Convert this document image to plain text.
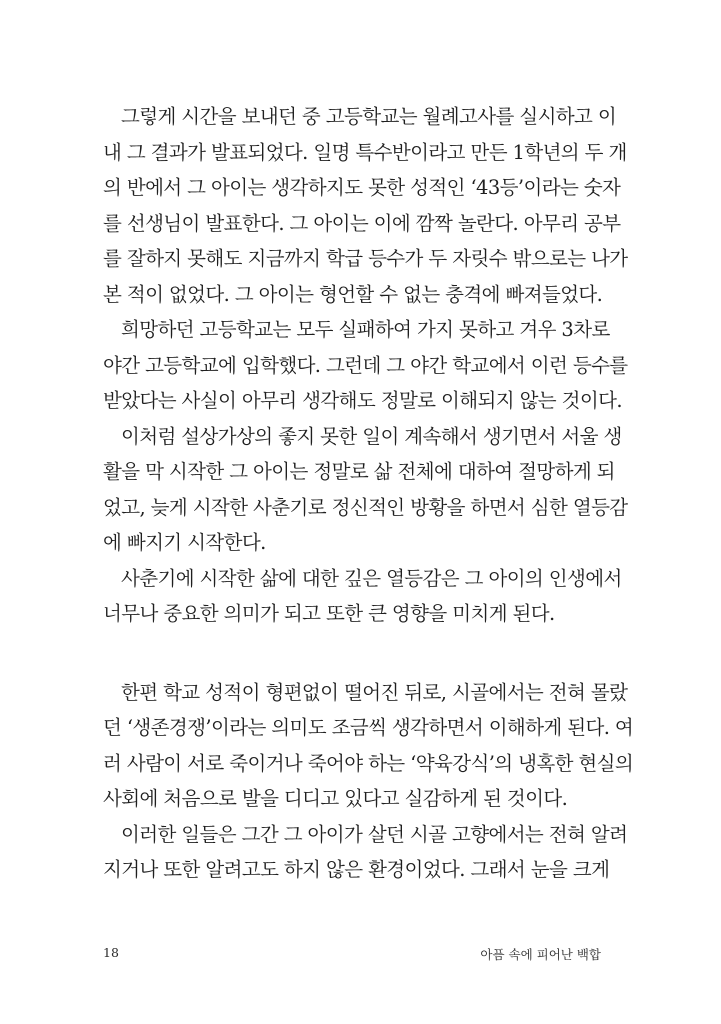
그렇게 시간을 보내던 중 고등학교는 월례고사를 실시하고 이
내 그 결과가 발표되었다. 일명 특수반이라고 만든 1학년의 두 개
의 반에서 그 아이는 생각하지도 못한 성적인 ‘43등’이라는 숫자
를 선생님이 발표한다. 그 아이는 이에 깜짝 놀란다. 아무리 공부
를 잘하지 못해도 지금까지 학급 등수가 두 자릿수 밖으로는 나가
본 적이 없었다. 그 아이는 형언할 수 없는 충격에 빠져들었다.
희망하던 고등학교는 모두 실패하여 가지 못하고 겨우 3차로
야간 고등학교에 입학했다. 그런데 그 야간 학교에서 이런 등수를
받았다는 사실이 아무리 생각해도 정말로 이해되지 않는 것이다.
이처럼 설상가상의 좋지 못한 일이 계속해서 생기면서 서울 생
활을 막 시작한 그 아이는 정말로 삶 전체에 대하여 절망하게 되
었고, 늦게 시작한 사춘기로 정신적인 방황을 하면서 심한 열등감
에 빠지기 시작한다.
사춘기에 시작한 삶에 대한 깊은 열등감은 그 아이의 인생에서
너무나 중요한 의미가 되고 또한 큰 영향을 미치게 된다.
한편 학교 성적이 형편없이 떨어진 뒤로, 시골에서는 전혀 몰랐
던 ‘생존경쟁’이라는 의미도 조금씩 생각하면서 이해하게 된다. 여
러 사람이 서로 죽이거나 죽어야 하는 ‘약육강식’의 냉혹한 현실의
사회에 처음으로 발을 디디고 있다고 실감하게 된 것이다.
이러한 일들은 그간 그 아이가 살던 시골 고향에서는 전혀 알려
지거나 또한 알려고도 하지 않은 환경이었다. 그래서 눈을 크게
18	아픔 속에 피어난 백합
